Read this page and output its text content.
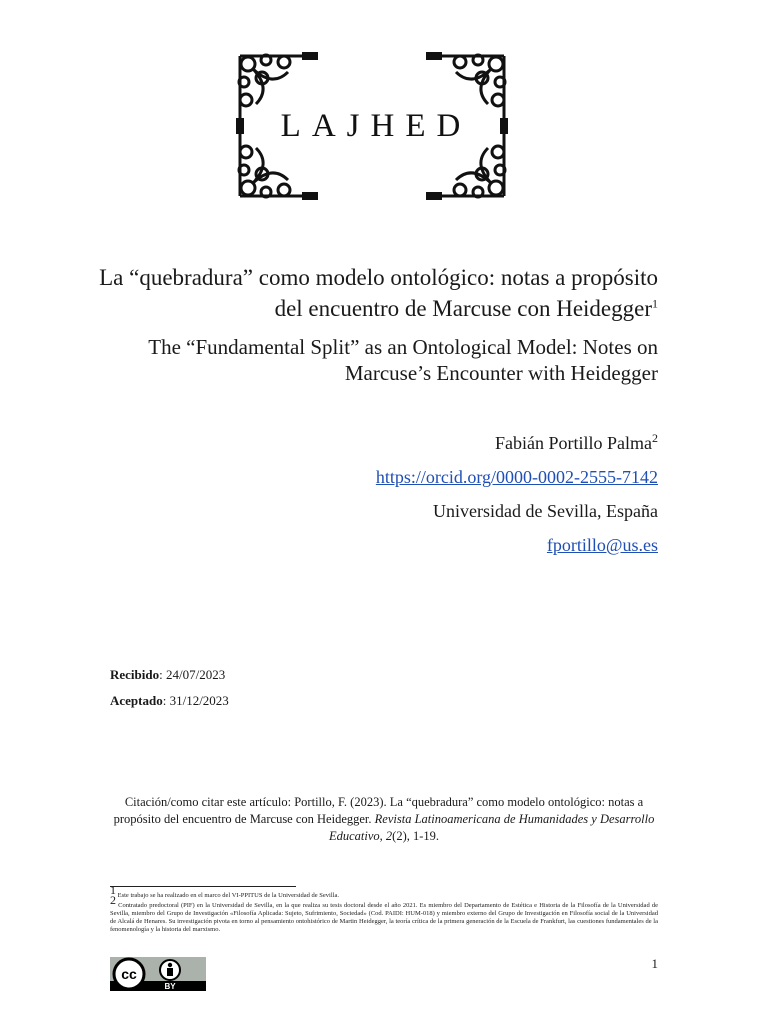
LAJHED
La “quebradura” como modelo ontológico: notas a propósito del encuentro de Marcuse con Heidegger$^1$
The “Fundamental Split” as an Ontological Model: Notes on Marcuse’s Encounter with Heidegger
Fabián Portillo Palma$^2$
https://orcid.org/0000-0002-2555-7142
Universidad de Sevilla, España
fportillo@us.es
Recibido: 24/07/2023
Aceptado: 31/12/2023
Citación/como citar este artículo: Portillo, F. (2023). La “quebradura” como modelo ontológico: notas a propósito del encuentro de Marcuse con Heidegger. Revista Latinoamericana de Humanidades y Desarrollo Educativo, 2(2), 1-19.
$^1$ Este trabajo se ha realizado en el marco del VI-PPITUS de la Universidad de Sevilla.
$^2$ Contratado predoctoral (PIF) en la Universidad de Sevilla, en la que realiza su tesis doctoral desde el año 2021. Es miembro del Departamento de Estética e Historia de la Filosofía de la Universidad de Sevilla, miembro del Grupo de Investigación «Filosofía Aplicada: Sujeto, Sufrimiento, Sociedad» (Cod. PAIDI: HUM-018) y miembro externo del Grupo de Investigación en Filosofía social de la Universidad de Alcalá de Henares. Su investigación pivota en torno al pensamiento ontohistórico de Martin Heidegger, la teoría crítica de la primera generación de la Escuela de Frankfurt, las cuestiones fundamentales de la fenomenología y la historia del marxismo.
cc
BY
1
